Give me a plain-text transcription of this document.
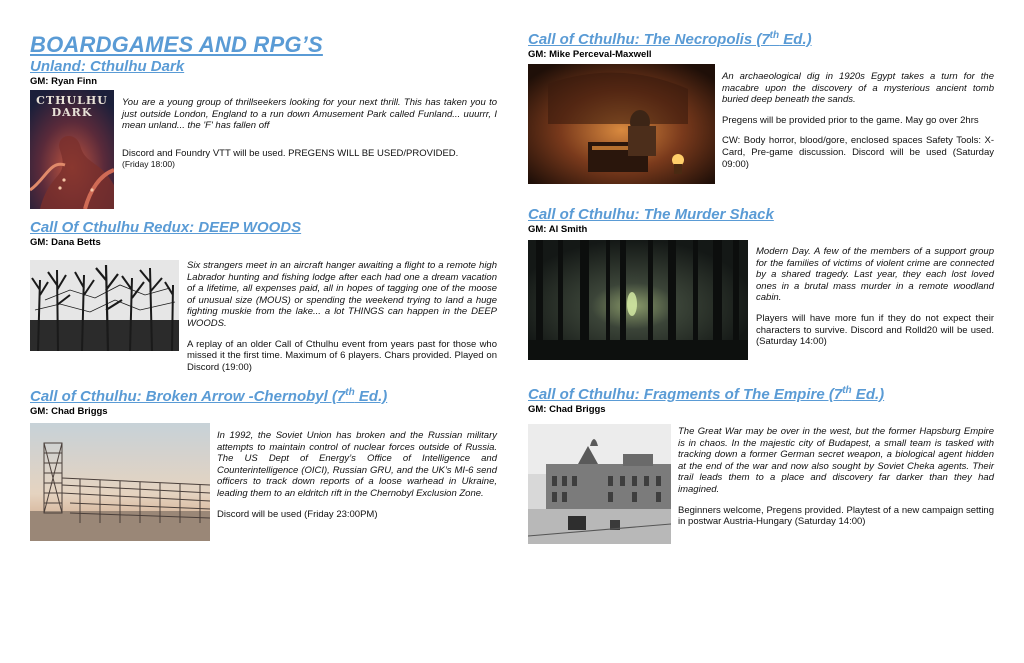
BOARDGAMES AND RPG’S
Unland: Cthulhu Dark
GM: Ryan Finn
CTHULHU DARK

You are a young group of thrillseekers looking for your next thrill. This has taken you to just outside London, England to a run down Amusement Park called Funland... uuurrr, I mean unland... the 'F' has fallen off

Discord and Foundry VTT will be used. PREGENS WILL BE USED/PROVIDED.

(Friday 18:00)

Call Of Cthulhu Redux: DEEP WOODS
GM: Dana Betts

Six strangers meet in an aircraft hanger awaiting a flight to a remote high Labrador hunting and fishing lodge after each had one a dream vacation of a lifetime, all expenses paid, all in hopes of tagging one of the moose of unusual size (MOUS) or spending the weekend trying to land a huge fighting muskie from the lake... a lot THINGS can happen in the DEEP WOODS.

A replay of an older Call of Cthulhu event from years past for those who missed it the first time. Maximum of 6 players. Chars provided. Played on Discord (19:00)

Call of Cthulhu: Broken Arrow -Chernobyl (7th Ed.)
GM: Chad Briggs

In 1992, the Soviet Union has broken and the Russian military attempts to maintain control of nuclear forces outside of Russia. The US Dept of Energy’s Office of Intelligence and Counterintelligence (OICI), Russian GRU, and the UK’s MI-6 send officers to track down reports of a loose warhead in Ukraine, leading them to an eldritch rift in the Chernobyl Exclusion Zone.

Discord will be used (Friday 23:00PM)

Call of Cthulhu: The Necropolis (7th Ed.)
GM: Mike Perceval-Maxwell

An archaeological dig in 1920s Egypt takes a turn for the macabre upon the discovery of a mysterious ancient tomb buried deep beneath the sands.

Pregens will be provided prior to the game. May go over 2hrs

CW: Body horror, blood/gore, enclosed spaces Safety Tools: X-Card, Pre-game discussion. Discord will be used (Saturday 09:00)

Call of Cthulhu: The Murder Shack
GM: Al Smith

Modern Day. A few of the members of a support group for the families of victims of violent crime are connected by a shared tragedy. Last year, they each lost loved ones in a brutal mass murder in a remote woodland cabin.

Players will have more fun if they do not expect their characters to survive. Discord and Rolld20 will be used. (Saturday 14:00)

Call of Cthulhu: Fragments of The Empire (7th Ed.)
GM: Chad Briggs

The Great War may be over in the west, but the former Hapsburg Empire is in chaos. In the majestic city of Budapest, a small team is tasked with tracking down a former German secret weapon, a biological agent hidden at the end of the war and now also sought by Soviet Cheka agents. Their trail leads them to a place and discovery far darker than they had imagined.

Beginners welcome, Pregens provided. Playtest of a new campaign setting in postwar Austria-Hungary (Saturday 14:00)
